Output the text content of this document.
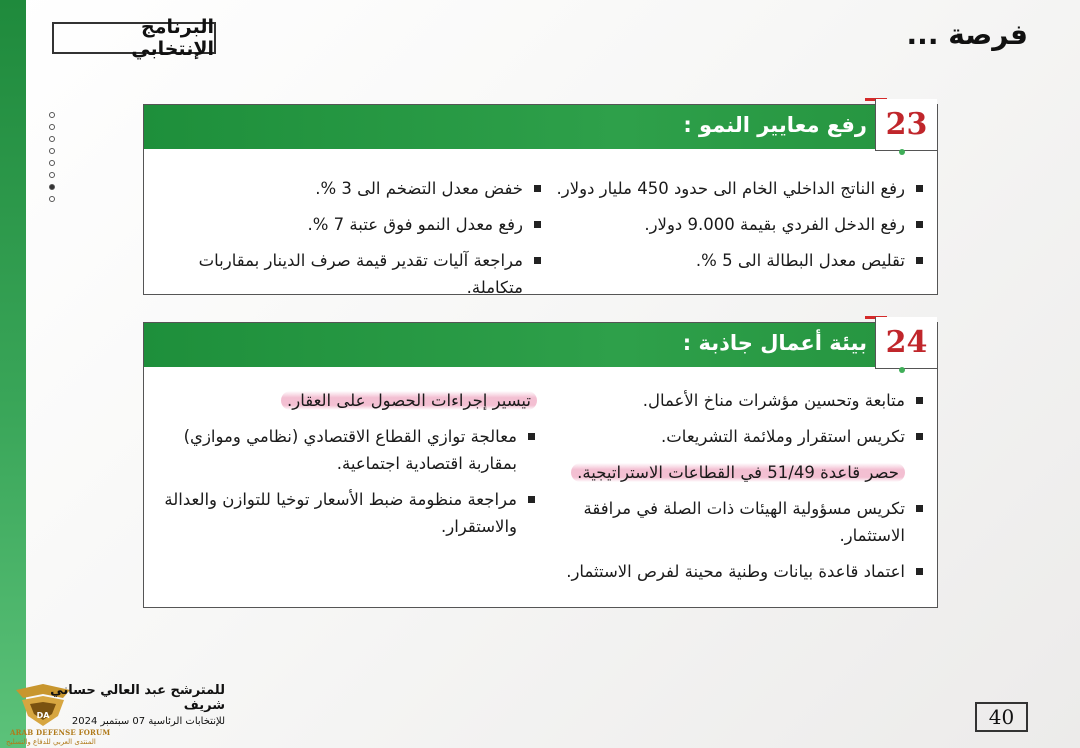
فرصة ...
البرنامج الإنتخابي
23
رفع معايير النمو :
رفع الناتج الداخلي الخام الى حدود 450 مليار دولار.
رفع الدخل الفردي بقيمة 9.000 دولار.
تقليص معدل البطالة الى 5 %.
خفض معدل التضخم الى 3 %.
رفع معدل النمو فوق عتبة 7 %.
مراجعة آليات تقدير قيمة صرف الدينار بمقاربات متكاملة.
24
بيئة أعمال جاذبة :
متابعة وتحسين مؤشرات مناخ الأعمال.
تكريس استقرار وملائمة التشريعات.
حصر قاعدة 51/49 في القطاعات الاستراتيجية.
تكريس مسؤولية الهيئات ذات الصلة في مرافقة الاستثمار.
اعتماد قاعدة بيانات وطنية محينة لفرص الاستثمار.
تيسير إجراءات الحصول على العقار.
معالجة توازي القطاع الاقتصادي (نظامي وموازي) بمقاربة اقتصادية اجتماعية.
مراجعة منظومة ضبط الأسعار توخيا للتوازن والعدالة والاستقرار.
DA
للمترشح عبد العالي حساني شريف
للإنتخابات الرئاسية 07 سبتمبر 2024
ARAB DEFENSE FORUM
المنتدى العربي للدفاع والتسليح
40
